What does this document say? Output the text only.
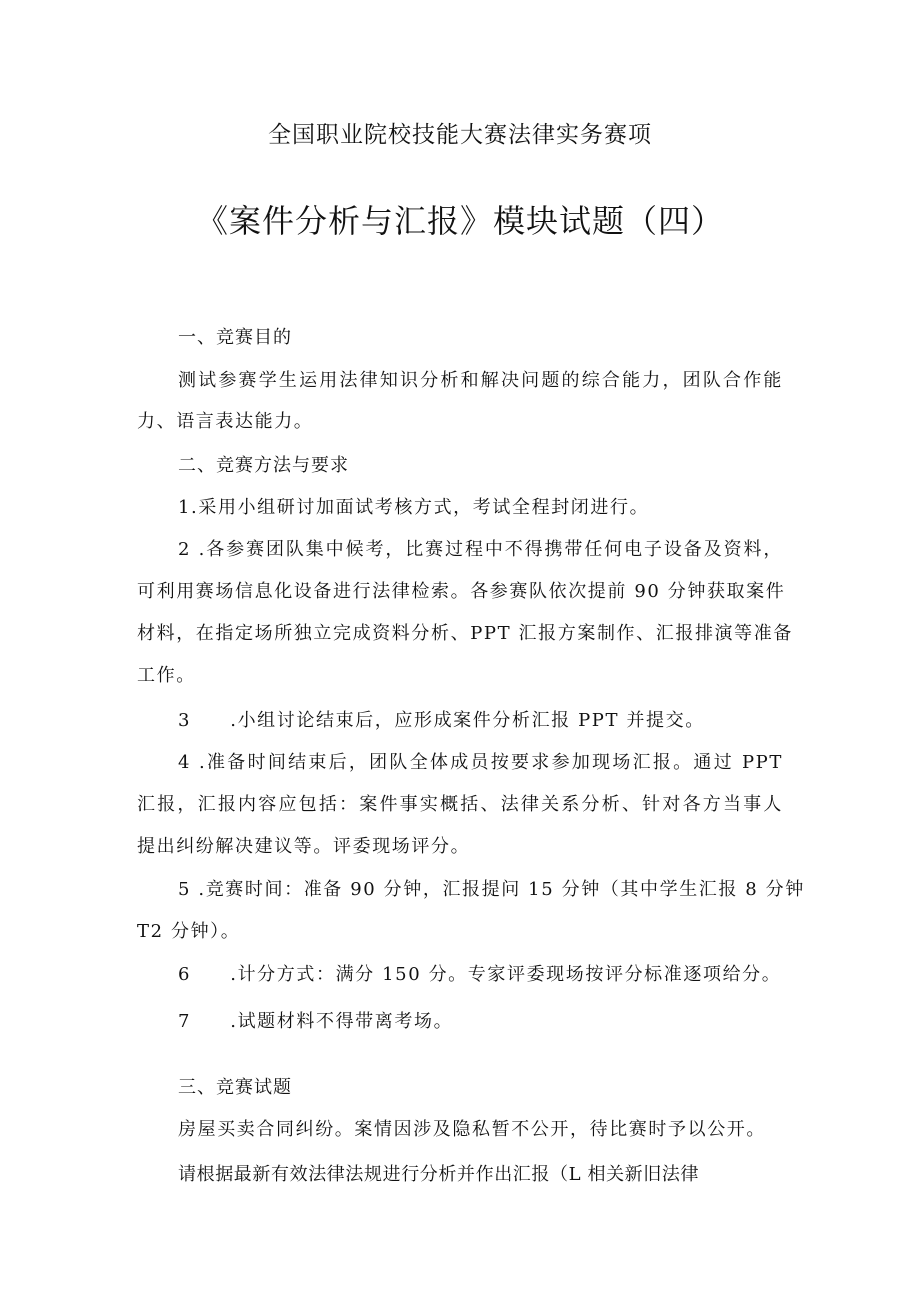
全国职业院校技能大赛法律实务赛项
《案件分析与汇报》模块试题（四）
一、竞赛目的
测试参赛学生运用法律知识分析和解决问题的综合能力，团队合作能
力、语言表达能力。
二、竞赛方法与要求
1.采用小组研讨加面试考核方式，考试全程封闭进行。
2 .各参赛团队集中候考，比赛过程中不得携带任何电子设备及资料，
可利用赛场信息化设备进行法律检索。各参赛队依次提前 90 分钟获取案件
材料，在指定场所独立完成资料分析、PPT 汇报方案制作、汇报排演等准备
工作。
3　　.小组讨论结束后，应形成案件分析汇报 PPT 并提交。
4 .准备时间结束后，团队全体成员按要求参加现场汇报。通过 PPT
汇报，汇报内容应包括：案件事实概括、法律关系分析、针对各方当事人
提出纠纷解决建议等。评委现场评分。
5 .竞赛时间：准备 90 分钟，汇报提问 15 分钟（其中学生汇报 8 分钟
T2 分钟）。
6　　.计分方式：满分 150 分。专家评委现场按评分标准逐项给分。
7　　.试题材料不得带离考场。
三、竞赛试题
房屋买卖合同纠纷。案情因涉及隐私暂不公开，待比赛时予以公开。
请根据最新有效法律法规进行分析并作出汇报（L 相关新旧法律
